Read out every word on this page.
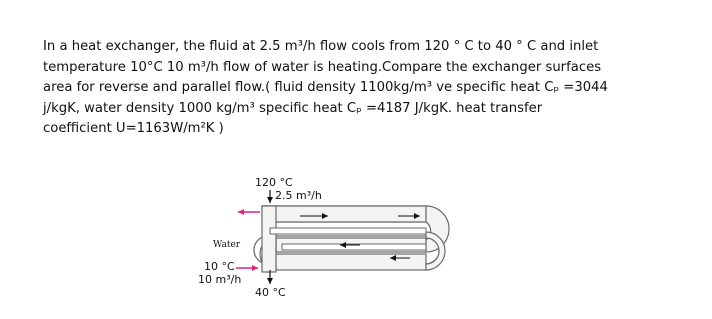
In a heat exchanger, the fluid at 2.5 m³/h flow cools from 120 ° C to 40 ° C and inlet
temperature 10°C 10 m³/h flow of water is heating.Compare the exchanger surfaces
area for reverse and parallel flow.( fluid density 1100kg/m³ ve specific heat Cₚ =3044
j/kgK, water density 1000 kg/m³ specific heat Cₚ =4187 J/kgK. heat transfer
coefficient U=1163W/m²K )
120 °C
2.5 m³/h
Water
10 °C
10 m³/h
40 °C
